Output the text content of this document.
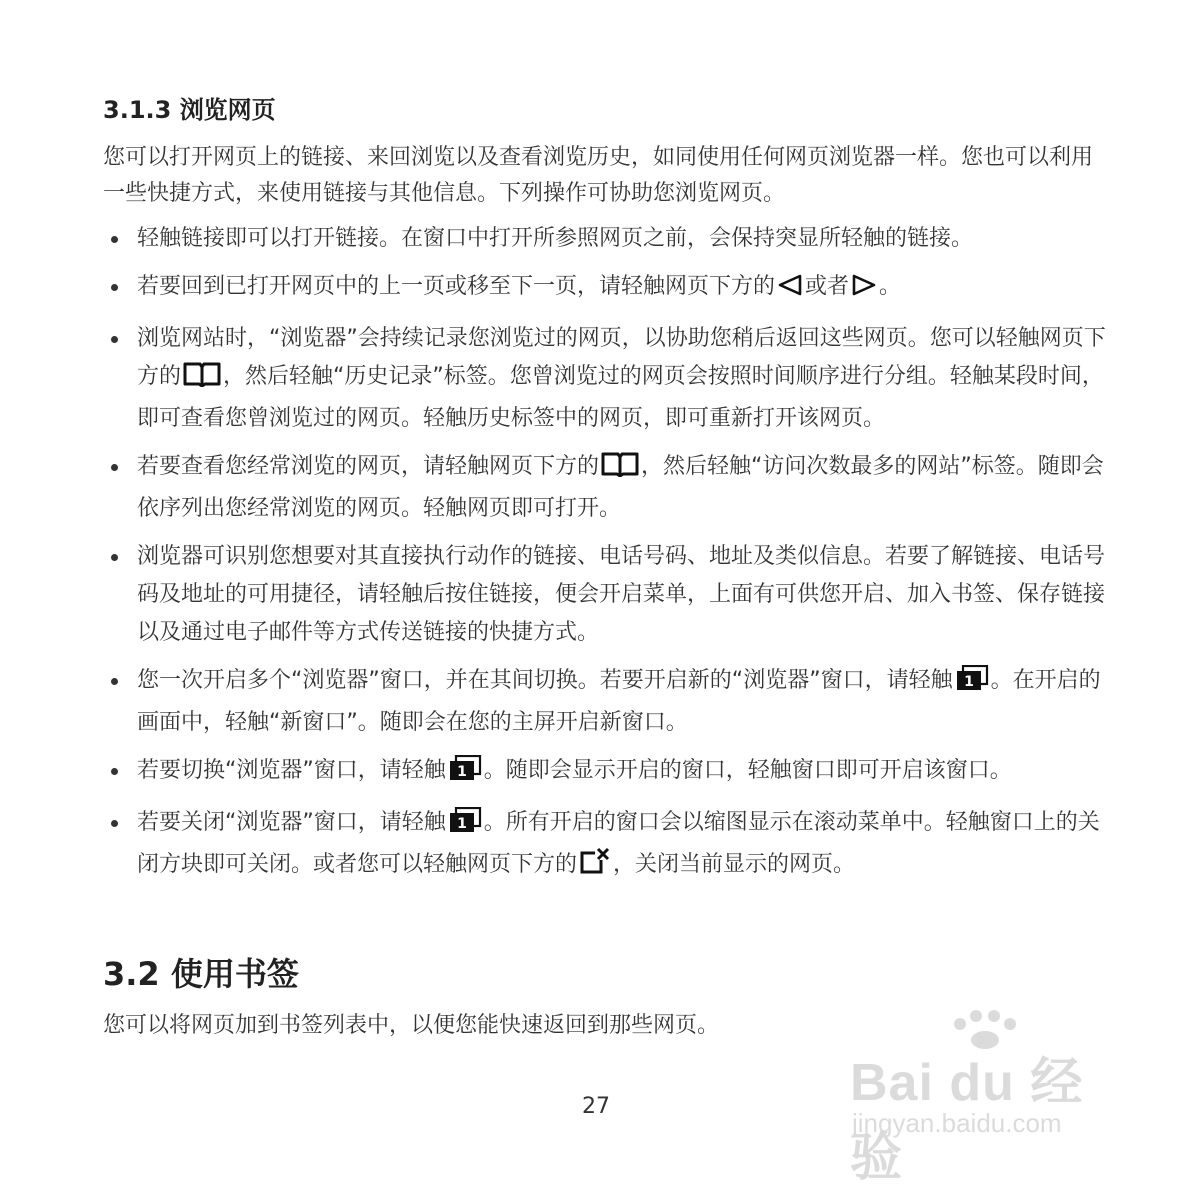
3.1.3 浏览网页

您可以打开网页上的链接、来回浏览以及查看浏览历史，如同使用任何网页浏览器一样。您也可以利用一些快捷方式，来使用链接与其他信息。下列操作可协助您浏览网页。

轻触链接即可以打开链接。在窗口中打开所参照网页之前，会保持突显所轻触的链接。
若要回到已打开网页中的上一页或移至下一页，请轻触网页下方的 或者 。
浏览网站时，“浏览器”会持续记录您浏览过的网页，以协助您稍后返回这些网页。您可以轻触网页下方的 ，然后轻触“历史记录”标签。您曾浏览过的网页会按照时间顺序进行分组。轻触某段时间，即可查看您曾浏览过的网页。轻触历史标签中的网页，即可重新打开该网页。
若要查看您经常浏览的网页，请轻触网页下方的 ，然后轻触“访问次数最多的网站”标签。随即会依序列出您经常浏览的网页。轻触网页即可打开。
浏览器可识别您想要对其直接执行动作的链接、电话号码、地址及类似信息。若要了解链接、电话号码及地址的可用捷径，请轻触后按住链接，便会开启菜单，上面有可供您开启、加入书签、保存链接以及通过电子邮件等方式传送链接的快捷方式。
您一次开启多个“浏览器”窗口，并在其间切换。若要开启新的“浏览器”窗口，请轻触 1 。在开启的画面中，轻触“新窗口”。随即会在您的主屏开启新窗口。
若要切换“浏览器”窗口，请轻触 1 。随即会显示开启的窗口，轻触窗口即可开启该窗口。
若要关闭“浏览器”窗口，请轻触 1 。所有开启的窗口会以缩图显示在滚动菜单中。轻触窗口上的关闭方块即可关闭。或者您可以轻触网页下方的 ，关闭当前显示的网页。
3.2 使用书签

您可以将网页加到书签列表中，以便您能快速返回到那些网页。

27	Bai du 经验
jingyan.baidu.com
